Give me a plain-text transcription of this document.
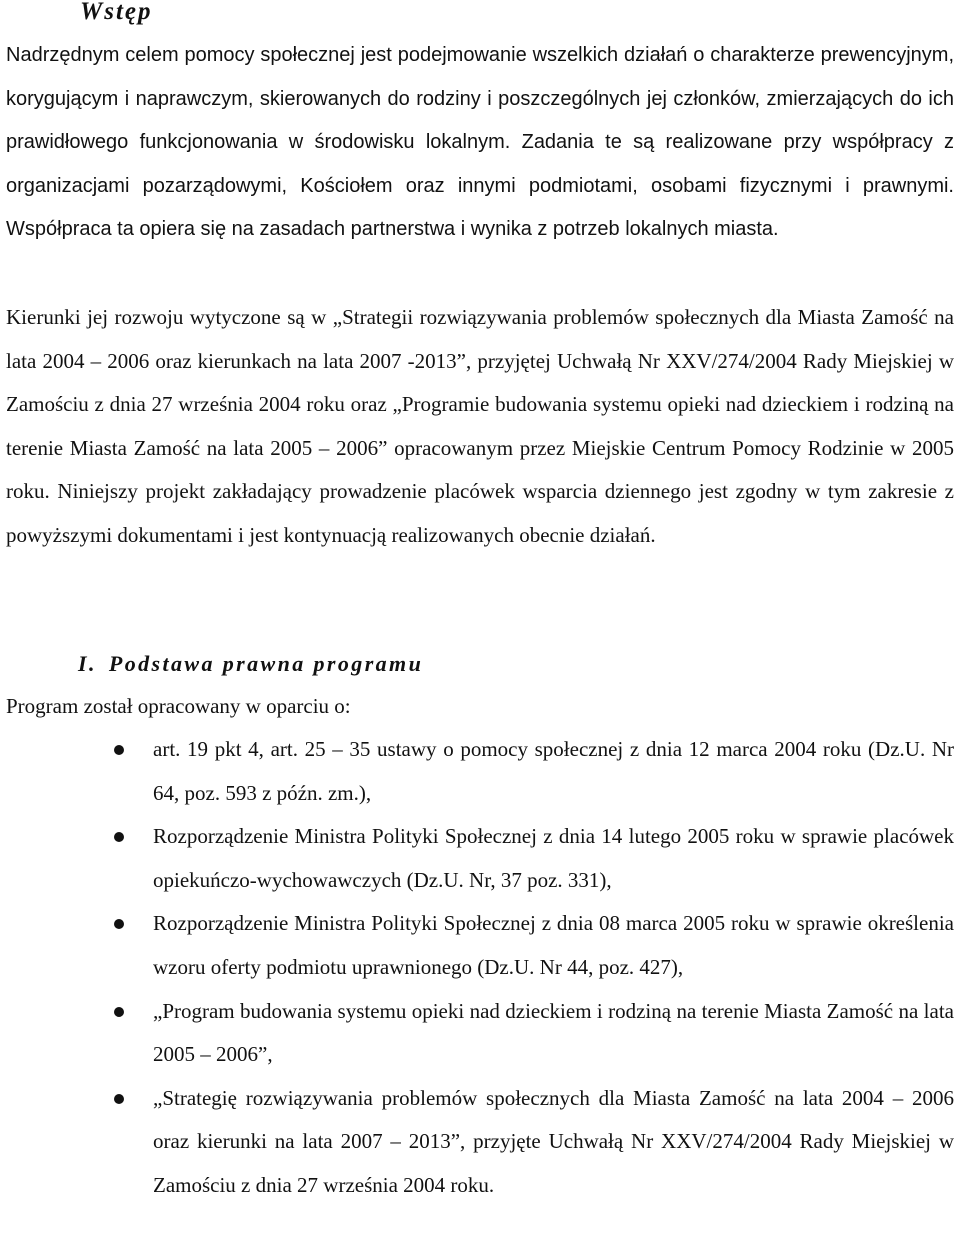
Wstęp

Nadrzędnym celem pomocy społecznej jest podejmowanie wszelkich działań o charakterze prewencyjnym, korygującym i naprawczym, skierowanych do rodziny i poszczególnych jej członków, zmierzających do ich prawidłowego funkcjonowania w środowisku lokalnym. Zadania te są realizowane przy współpracy z organizacjami pozarządowymi, Kościołem oraz innymi podmiotami, osobami fizycznymi i prawnymi. Współpraca ta opiera się na zasadach partnerstwa i wynika z potrzeb lokalnych miasta.

Kierunki jej rozwoju wytyczone są w „Strategii rozwiązywania problemów społecznych dla Miasta Zamość na lata 2004 – 2006 oraz kierunkach na lata 2007 -2013”, przyjętej Uchwałą Nr XXV/274/2004 Rady Miejskiej w Zamościu z dnia 27 września 2004 roku oraz „Programie budowania systemu opieki nad dzieckiem i rodziną na terenie Miasta Zamość na lata 2005 – 2006” opracowanym przez Miejskie Centrum Pomocy Rodzinie w 2005 roku. Niniejszy projekt zakładający prowadzenie placówek wsparcia dziennego jest zgodny w tym zakresie z powyższymi dokumentami i jest kontynuacją realizowanych obecnie działań.

I. Podstawa prawna programu

Program został opracowany w oparciu o:

art. 19 pkt 4, art. 25 – 35 ustawy o pomocy społecznej z dnia 12 marca 2004 roku (Dz.U. Nr 64, poz. 593 z późn. zm.),
Rozporządzenie Ministra Polityki Społecznej z dnia 14 lutego 2005 roku w sprawie placówek opiekuńczo-wychowawczych (Dz.U. Nr, 37 poz. 331),
Rozporządzenie Ministra Polityki Społecznej z dnia 08 marca 2005 roku w sprawie określenia wzoru oferty podmiotu uprawnionego (Dz.U. Nr 44, poz. 427),
„Program budowania systemu opieki nad dzieckiem i rodziną na terenie Miasta Zamość na lata 2005 – 2006”,
„Strategię rozwiązywania problemów społecznych dla Miasta Zamość na lata 2004 – 2006 oraz kierunki na lata 2007 – 2013”, przyjęte Uchwałą Nr XXV/274/2004 Rady Miejskiej w Zamościu z dnia 27 września 2004 roku.
